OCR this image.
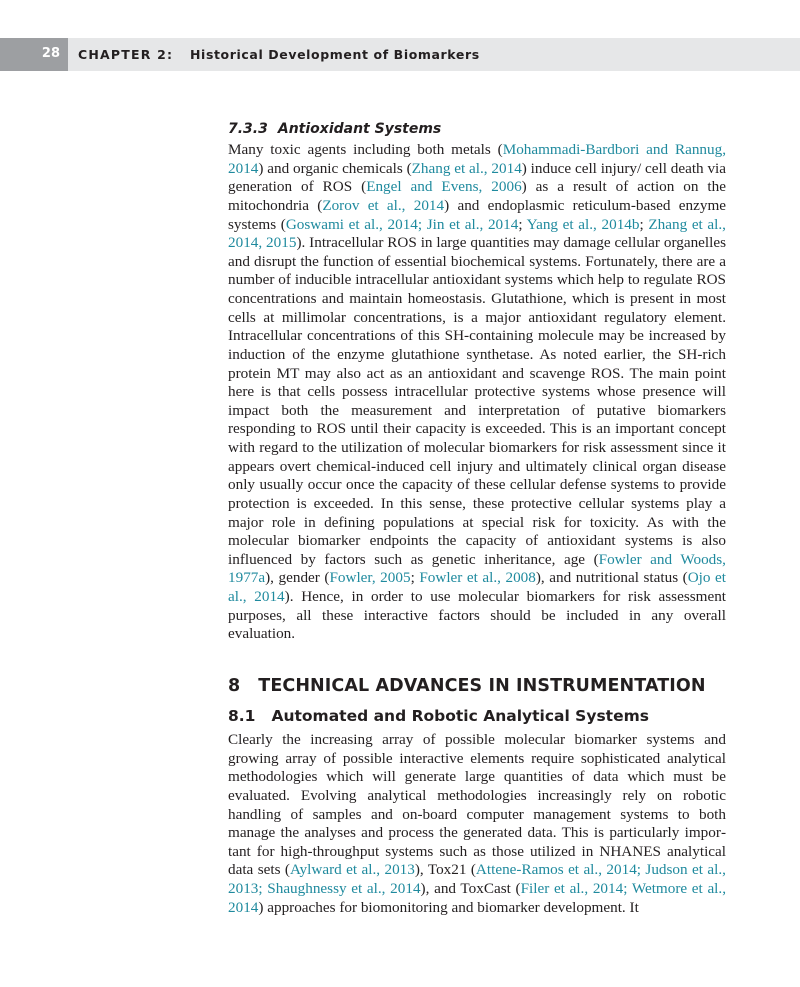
28 CHAPTER 2: Historical Development of Biomarkers
7.3.3 Antioxidant Systems

Many toxic agents including both metals (Mohammadi-Bardbori and Rannug, 2014) and organic chemicals (Zhang et al., 2014) induce cell injury/ cell death via generation of ROS (Engel and Evens, 2006) as a result of action on the mitochondria (Zorov et al., 2014) and endoplasmic reticulum-based enzyme systems (Goswami et al., 2014; Jin et al., 2014; Yang et al., 2014b; Zhang et al., 2014, 2015). Intracellular ROS in large quantities may damage cellular organelles and disrupt the function of essential biochemical systems. Fortunately, there are a number of inducible intracellular antioxidant systems which help to regulate ROS concentrations and maintain homeostasis. Glutathione, which is present in most cells at millimolar concentrations, is a major antioxidant regulatory element. Intracellular concentrations of this SH-containing molecule may be increased by induction of the enzyme glutathione synthetase. As noted earlier, the SH-rich protein MT may also act as an antioxidant and scavenge ROS. The main point here is that cells possess intracellular protective systems whose presence will impact both the measurement and interpretation of putative biomarkers responding to ROS until their capacity is exceeded. This is an important concept with regard to the utilization of molecular biomarkers for risk assessment since it appears overt chemical-induced cell injury and ultimately clinical organ disease only usually occur once the capacity of these cellular defense systems to provide protection is exceeded. In this sense, these protective cellular systems play a major role in defining populations at special risk for toxicity. As with the molecular biomarker endpoints the capacity of antioxidant systems is also influenced by factors such as genetic inheritance, age (Fowler and Woods, 1977a), gender (Fowler, 2005; Fowler et al., 2008), and nutritional status (Ojo et al., 2014). Hence, in order to use molecular biomarkers for risk assessment purposes, all these interactive factors should be included in any overall evaluation.

8 TECHNICAL ADVANCES IN INSTRUMENTATION
8.1 Automated and Robotic Analytical Systems

Clearly the increasing array of possible molecular biomarker systems and growing array of possible interactive elements require sophisticated analytical methodologies which will generate large quantities of data which must be evaluated. Evolving analytical methodologies increasingly rely on robotic handling of samples and on-board computer management systems to both manage the analyses and process the generated data. This is particularly important for high-throughput systems such as those utilized in NHANES analytical data sets (Aylward et al., 2013), Tox21 (Attene-Ramos et al., 2014; Judson et al., 2013; Shaughnessy et al., 2014), and ToxCast (Filer et al., 2014; Wetmore et al., 2014) approaches for biomonitoring and biomarker development. It
